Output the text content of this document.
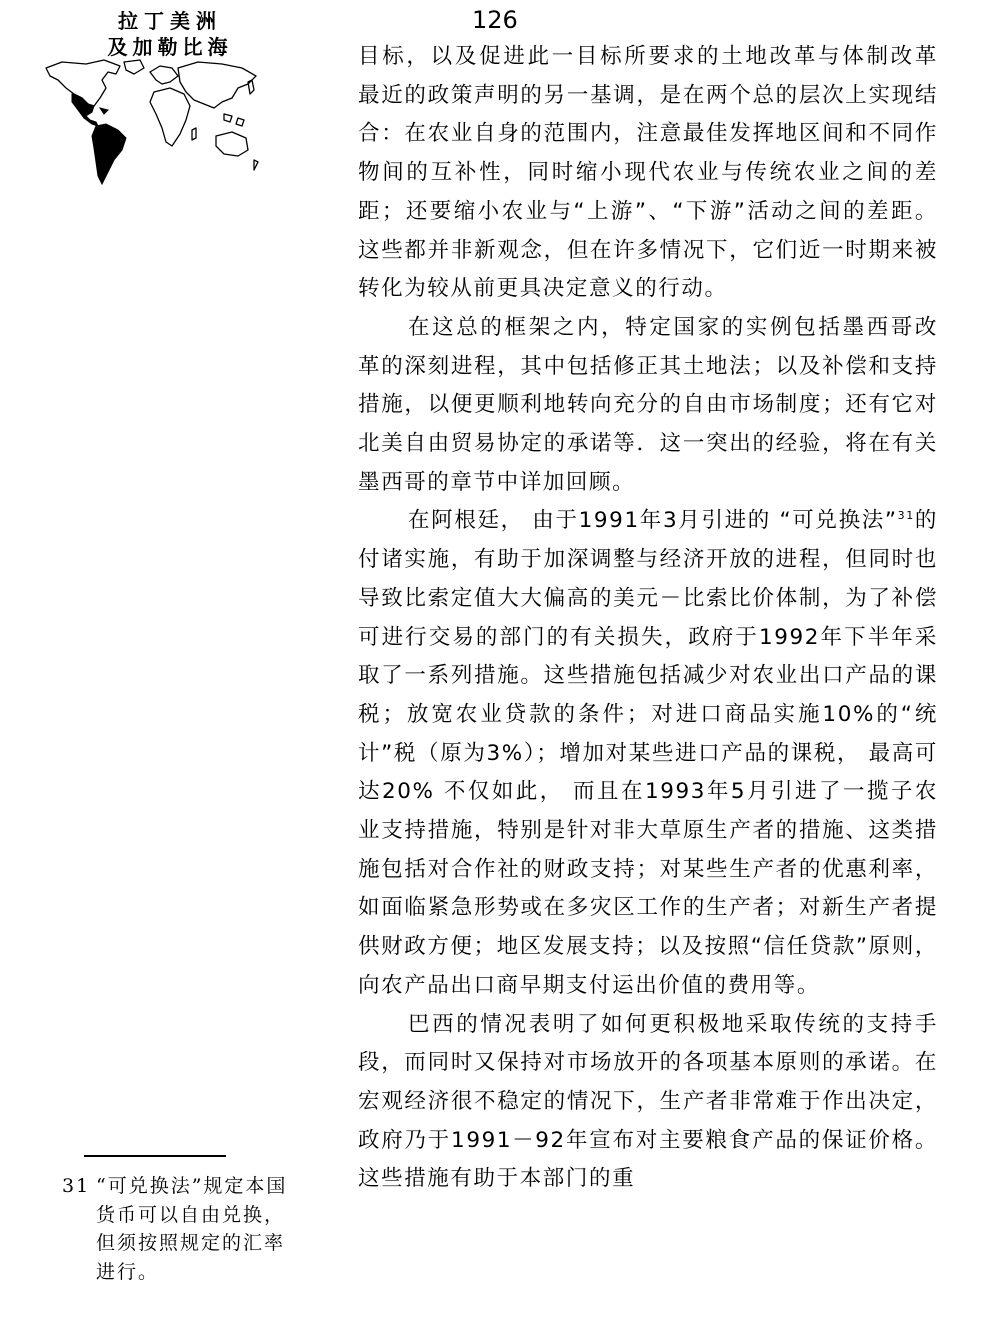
拉丁美洲
及加勒比海
126

目标，以及促进此一目标所要求的土地改革与体制改革 最近的政策声明的另一基调，是在两个总的层次上实现结合：在农业自身的范围内，注意最佳发挥地区间和不同作物间的互补性，同时缩小现代农业与传统农业之间的差距；还要缩小农业与“上游”、“下游”活动之间的差距。这些都并非新观念，但在许多情况下，它们近一时期来被转化为较从前更具决定意义的行动。

在这总的框架之内，特定国家的实例包括墨西哥改革的深刻进程，其中包括修正其土地法；以及补偿和支持措施，以便更顺利地转向充分的自由市场制度；还有它对北美自由贸易协定的承诺等．这一突出的经验，将在有关墨西哥的章节中详加回顾。

在阿根廷， 由于1991年3月引进的 “可兑换法”$^{31}$的付诸实施，有助于加深调整与经济开放的进程，但同时也导致比索定值大大偏高的美元－比索比价体制，为了补偿可进行交易的部门的有关损失，政府于1992年下半年采取了一系列措施。这些措施包括减少对农业出口产品的课税；放宽农业贷款的条件；对进口商品实施10%的“统计”税（原为3%）；增加对某些进口产品的课税， 最高可达20% 不仅如此， 而且在1993年5月引进了一揽子农业支持措施，特别是针对非大草原生产者的措施、这类措施包括对合作社的财政支持；对某些生产者的优惠利率，如面临紧急形势或在多灾区工作的生产者；对新生产者提供财政方便；地区发展支持；以及按照“信任贷款”原则，向农产品出口商早期支付运出价值的费用等。

巴西的情况表明了如何更积极地采取传统的支持手段，而同时又保持对市场放开的各项基本原则的承诺。在宏观经济很不稳定的情况下，生产者非常难于作出决定，政府乃于1991－92年宣布对主要粮食产品的保证价格。这些措施有助于本部门的重

31 “可兑换法”规定本国货币可以自由兑换，但须按照规定的汇率进行。
